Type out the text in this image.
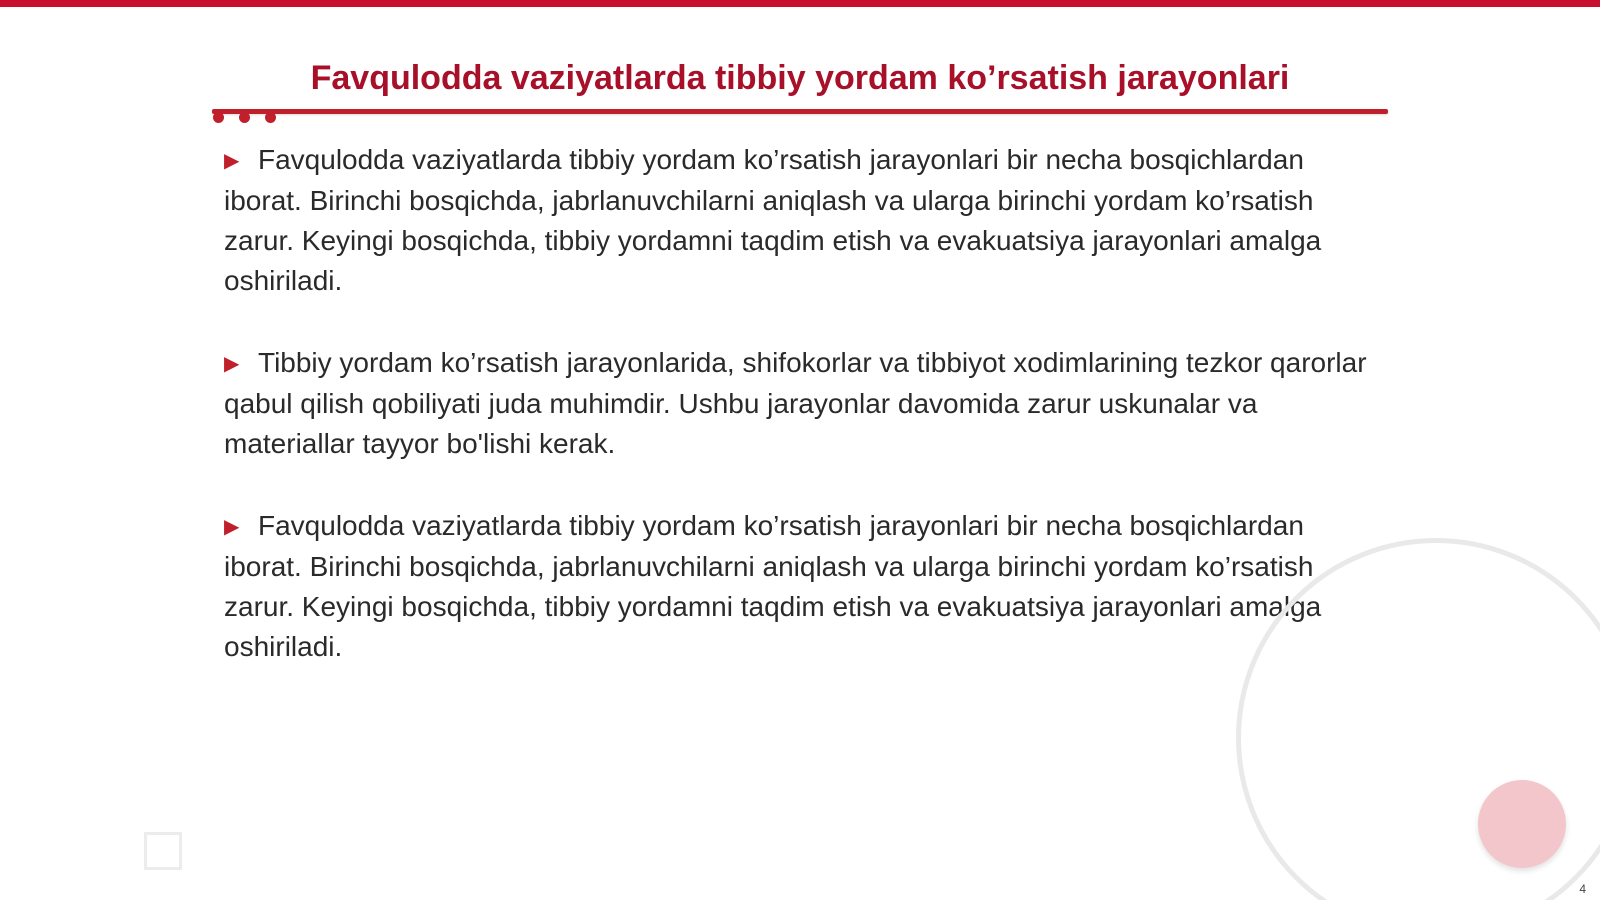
Favqulodda vaziyatlarda tibbiy yordam ko’rsatish jarayonlari

▶ Favqulodda vaziyatlarda tibbiy yordam ko’rsatish jarayonlari bir necha bosqichlardan iborat. Birinchi bosqichda, jabrlanuvchilarni aniqlash va ularga birinchi yordam ko’rsatish zarur. Keyingi bosqichda, tibbiy yordamni taqdim etish va evakuatsiya jarayonlari amalga oshiriladi.

▶ Tibbiy yordam ko’rsatish jarayonlarida, shifokorlar va tibbiyot xodimlarining tezkor qarorlar qabul qilish qobiliyati juda muhimdir. Ushbu jarayonlar davomida zarur uskunalar va materiallar tayyor bo'lishi kerak.

▶ Favqulodda vaziyatlarda tibbiy yordam ko’rsatish jarayonlari bir necha bosqichlardan iborat. Birinchi bosqichda, jabrlanuvchilarni aniqlash va ularga birinchi yordam ko’rsatish zarur. Keyingi bosqichda, tibbiy yordamni taqdim etish va evakuatsiya jarayonlari amalga oshiriladi.

4
